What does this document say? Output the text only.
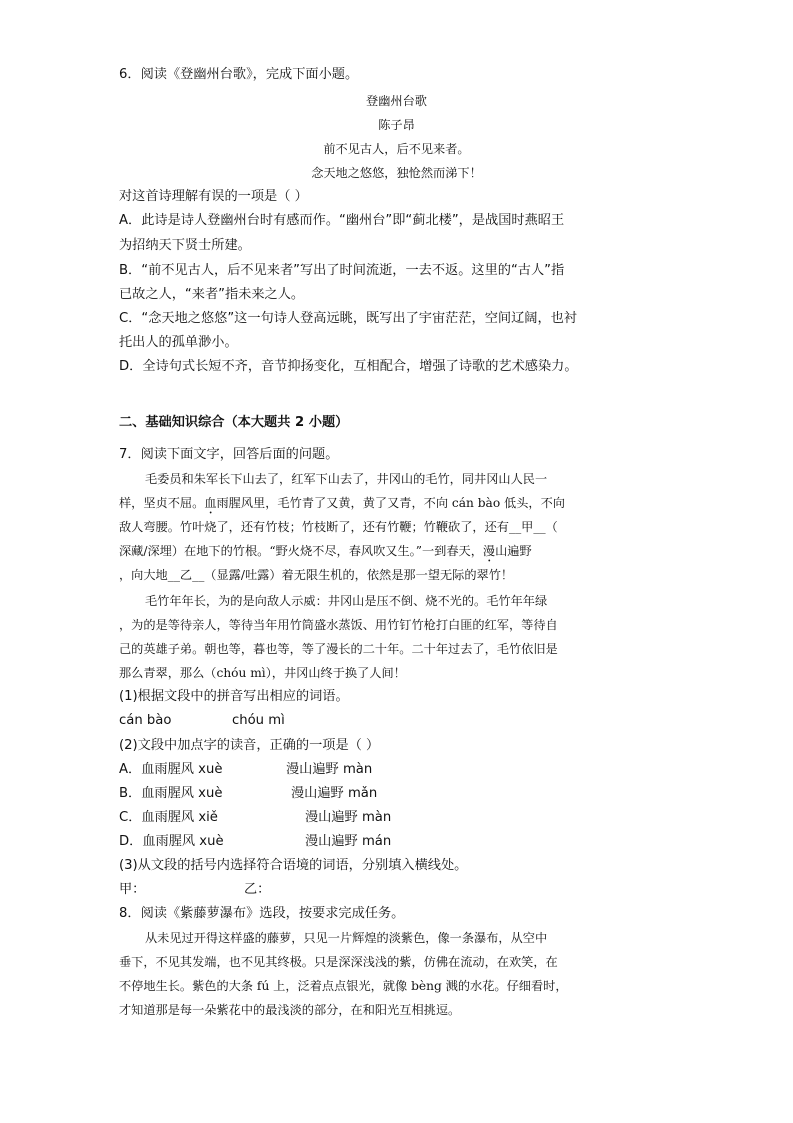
6．阅读《登幽州台歌》，完成下面小题。
登幽州台歌
陈子昂
前不见古人，后不见来者。
念天地之悠悠，独怆然而涕下！
对这首诗理解有误的一项是（ ）
A．此诗是诗人登幽州台时有感而作。“幽州台”即“蓟北楼”，是战国时燕昭王
为招纳天下贤士所建。
B．“前不见古人，后不见来者”写出了时间流逝，一去不返。这里的“古人”指
已故之人，“来者”指未来之人。
C．“念天地之悠悠”这一句诗人登高远眺，既写出了宇宙茫茫，空间辽阔，也衬
托出人的孤单渺小。
D．全诗句式长短不齐，音节抑扬变化，互相配合，增强了诗歌的艺术感染力。
二、基础知识综合（本大题共 2 小题）
7．阅读下面文字，回答后面的问题。
毛委员和朱军长下山去了，红军下山去了，井冈山的毛竹，同井冈山人民一
样，坚贞不屈。血雨腥风里，毛竹青了又黄，黄了又青，不向 cán bào 低头，不向
敌人弯腰。竹叶烧了，还有竹枝；竹枝断了，还有竹鞭；竹鞭砍了，还有__甲__（
深藏/深埋）在地下的竹根。“野火烧不尽，春风吹又生。”一到春天，漫山遍野
，向大地__乙__（显露/吐露）着无限生机的，依然是那一望无际的翠竹！
毛竹年年长，为的是向敌人示威：井冈山是压不倒、烧不光的。毛竹年年绿
，为的是等待亲人，等待当年用竹筒盛水蒸饭、用竹钉竹枪打白匪的红军，等待自
己的英雄子弟。朝也等，暮也等，等了漫长的二十年。二十年过去了，毛竹依旧是
那么青翠，那么（chóu mì），井冈山终于换了人间！
(1)根据文段中的拼音写出相应的词语。
cán bào	chóu mì
(2)文段中加点字的读音，正确的一项是（ ）
A．血雨腥风 xuè	漫山遍野 màn
B．血雨腥风 xuè	漫山遍野 mǎn
C．血雨腥风 xiě	漫山遍野 màn
D．血雨腥风 xuè	漫山遍野 mán
(3)从文段的括号内选择符合语境的词语，分别填入横线处。
甲：	乙：
8．阅读《紫藤萝瀑布》选段，按要求完成任务。
从未见过开得这样盛的藤萝，只见一片辉煌的淡紫色，像一条瀑布，从空中
垂下，不见其发端，也不见其终极。只是深深浅浅的紫，仿佛在流动，在欢笑，在
不停地生长。紫色的大条 fú 上，泛着点点银光，就像 bèng 溅的水花。仔细看时，
才知道那是每一朵紫花中的最浅淡的部分，在和阳光互相挑逗。
